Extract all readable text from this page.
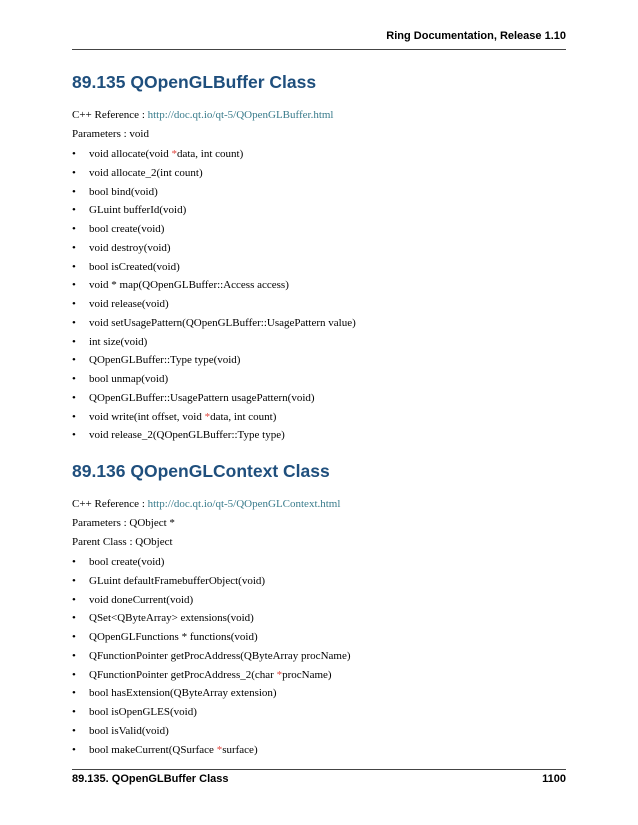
Ring Documentation, Release 1.10
89.135 QOpenGLBuffer Class
C++ Reference : http://doc.qt.io/qt-5/QOpenGLBuffer.html
Parameters : void
• void allocate(void *data, int count)
• void allocate_2(int count)
• bool bind(void)
• GLuint bufferId(void)
• bool create(void)
• void destroy(void)
• bool isCreated(void)
• void * map(QOpenGLBuffer::Access access)
• void release(void)
• void setUsagePattern(QOpenGLBuffer::UsagePattern value)
• int size(void)
• QOpenGLBuffer::Type type(void)
• bool unmap(void)
• QOpenGLBuffer::UsagePattern usagePattern(void)
• void write(int offset, void *data, int count)
• void release_2(QOpenGLBuffer::Type type)
89.136 QOpenGLContext Class
C++ Reference : http://doc.qt.io/qt-5/QOpenGLContext.html
Parameters : QObject *
Parent Class : QObject
• bool create(void)
• GLuint defaultFramebufferObject(void)
• void doneCurrent(void)
• QSet<QByteArray> extensions(void)
• QOpenGLFunctions * functions(void)
• QFunctionPointer getProcAddress(QByteArray procName)
• QFunctionPointer getProcAddress_2(char *procName)
• bool hasExtension(QByteArray extension)
• bool isOpenGLES(void)
• bool isValid(void)
• bool makeCurrent(QSurface *surface)
89.135. QOpenGLBuffer Class	1100
